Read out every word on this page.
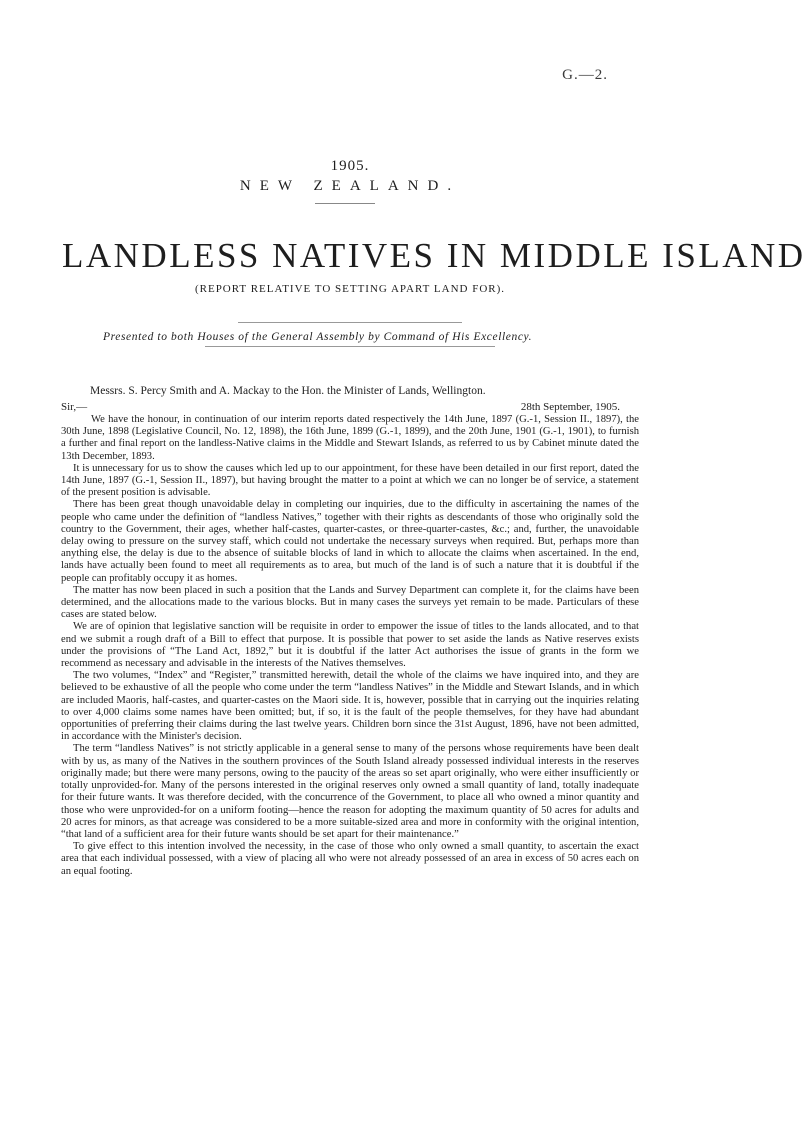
G.—2.
1905.
NEW ZEALAND.
LANDLESS NATIVES IN MIDDLE ISLAND
(REPORT RELATIVE TO SETTING APART LAND FOR).
Presented to both Houses of the General Assembly by Command of His Excellency.
Messrs. S. Percy Smith and A. Mackay to the Hon. the Minister of Lands, Wellington.
Sir,—	28th September, 1905.

We have the honour, in continuation of our interim reports dated respectively the 14th June, 1897 (G.-1, Session II., 1897), the 30th June, 1898 (Legislative Council, No. 12, 1898), the 16th June, 1899 (G.-1, 1899), and the 20th June, 1901 (G.-1, 1901), to furnish a further and final report on the landless-Native claims in the Middle and Stewart Islands, as referred to us by Cabinet minute dated the 13th December, 1893.

It is unnecessary for us to show the causes which led up to our appointment, for these have been detailed in our first report, dated the 14th June, 1897 (G.-1, Session II., 1897), but having brought the matter to a point at which we can no longer be of service, a statement of the present position is advisable.

There has been great though unavoidable delay in completing our inquiries, due to the difficulty in ascertaining the names of the people who came under the definition of “landless Natives,” together with their rights as descendants of those who originally sold the country to the Government, their ages, whether half-castes, quarter-castes, or three-quarter-castes, &c.; and, further, the unavoidable delay owing to pressure on the survey staff, which could not undertake the necessary surveys when required. But, perhaps more than anything else, the delay is due to the absence of suitable blocks of land in which to allocate the claims when ascertained. In the end, lands have actually been found to meet all requirements as to area, but much of the land is of such a nature that it is doubtful if the people can profitably occupy it as homes.

The matter has now been placed in such a position that the Lands and Survey Department can complete it, for the claims have been determined, and the allocations made to the various blocks. But in many cases the surveys yet remain to be made. Particulars of these cases are stated below.

We are of opinion that legislative sanction will be requisite in order to empower the issue of titles to the lands allocated, and to that end we submit a rough draft of a Bill to effect that purpose. It is possible that power to set aside the lands as Native reserves exists under the provisions of “The Land Act, 1892,” but it is doubtful if the latter Act authorises the issue of grants in the form we recommend as necessary and advisable in the interests of the Natives themselves.

The two volumes, “Index” and “Register,” transmitted herewith, detail the whole of the claims we have inquired into, and they are believed to be exhaustive of all the people who come under the term “landless Natives” in the Middle and Stewart Islands, and in which are included Maoris, half-castes, and quarter-castes on the Maori side. It is, however, possible that in carrying out the inquiries relating to over 4,000 claims some names have been omitted; but, if so, it is the fault of the people themselves, for they have had abundant opportunities of preferring their claims during the last twelve years. Children born since the 31st August, 1896, have not been admitted, in accordance with the Minister's decision.

The term “landless Natives” is not strictly applicable in a general sense to many of the persons whose requirements have been dealt with by us, as many of the Natives in the southern provinces of the South Island already possessed individual interests in the reserves originally made; but there were many persons, owing to the paucity of the areas so set apart originally, who were either insufficiently or totally unprovided-for. Many of the persons interested in the original reserves only owned a small quantity of land, totally inadequate for their future wants. It was therefore decided, with the concurrence of the Government, to place all who owned a minor quantity and those who were unprovided-for on a uniform footing—hence the reason for adopting the maximum quantity of 50 acres for adults and 20 acres for minors, as that acreage was considered to be a more suitable-sized area and more in conformity with the original intention, “that land of a sufficient area for their future wants should be set apart for their maintenance.”

To give effect to this intention involved the necessity, in the case of those who only owned a small quantity, to ascertain the exact area that each individual possessed, with a view of placing all who were not already possessed of an area in excess of 50 acres each on an equal footing.
